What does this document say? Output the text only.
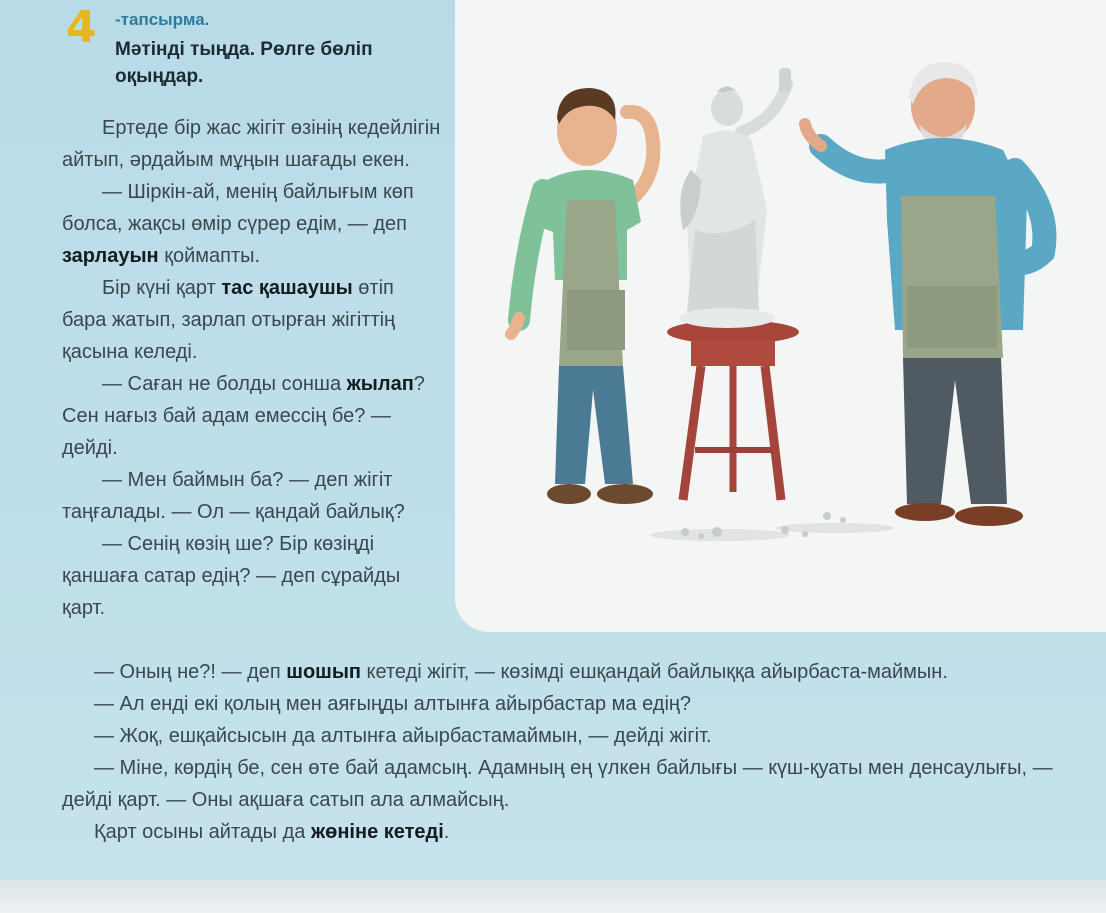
4 -тапсырма.
Мәтінді тыңда. Рөлге бөліп оқыңдар.

Ертеде бір жас жігіт өзінің кедейлігін айтып, әрдайым мұңын шағады екен.

— Шіркін-ай, менің байлығым көп болса, жақсы өмір сүрер едім, — деп зарлауын қоймапты.

Бір күні қарт тас қашаушы өтіп бара жатып, зарлап отырған жігіттің қасына келеді.

— Саған не болды сонша жылап? Сен нағыз бай адам емессің бе? — дейді.

— Мен баймын ба? — деп жігіт таңғалады. — Ол — қандай байлық?

— Сенің көзің ше? Бір көзіңді қаншаға сатар едің? — деп сұрайды қарт.

— Оның не?! — деп шошып кетеді жігіт, — көзімді ешқандай байлыққа айырбаста-маймын.

— Ал енді екі қолың мен аяғыңды алтынға айырбастар ма едің?

— Жоқ, ешқайсысын да алтынға айырбастамаймын, — дейді жігіт.

— Міне, көрдің бе, сен өте бай адамсың. Адамның ең үлкен байлығы — күш-қуаты мен денсаулығы, — дейді қарт. — Оны ақшаға сатып ала алмайсың.

Қарт осыны айтады да жөніне кетеді.
